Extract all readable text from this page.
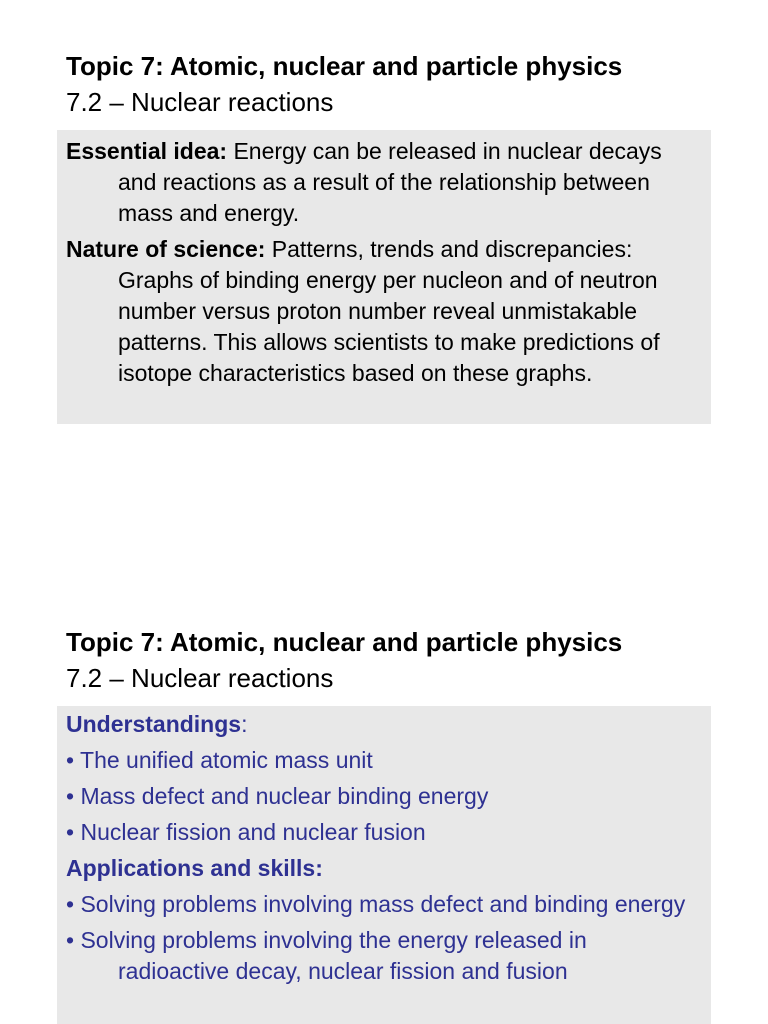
Topic 7: Atomic, nuclear and particle physics
7.2 – Nuclear reactions

Essential idea: Energy can be released in nuclear decays and reactions as a result of the relationship between mass and energy.

Nature of science: Patterns, trends and discrepancies: Graphs of binding energy per nucleon and of neutron number versus proton number reveal unmistakable patterns. This allows scientists to make predictions of isotope characteristics based on these graphs.

Topic 7: Atomic, nuclear and particle physics
7.2 – Nuclear reactions

Understandings:

• The unified atomic mass unit

• Mass defect and nuclear binding energy

• Nuclear fission and nuclear fusion

Applications and skills:

• Solving problems involving mass defect and binding energy

• Solving problems involving the energy released in radioactive decay, nuclear fission and fusion
